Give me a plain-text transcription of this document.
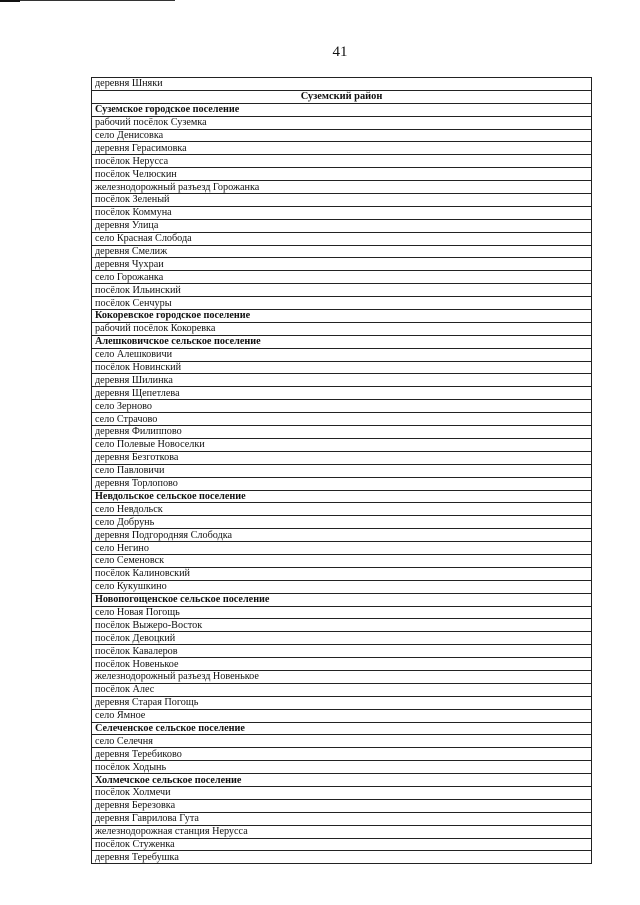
41
деревня Шняки
Суземский район
Суземское городское поселение
рабочий посёлок Суземка
село Денисовка
деревня Герасимовка
посёлок Нерусса
посёлок Челюскин
железнодорожный разъезд Горожанка
посёлок Зеленый
посёлок Коммуна
деревня Улица
село Красная Слобода
деревня Смелиж
деревня Чухраи
село Горожанка
посёлок Ильинский
посёлок Сенчуры
Кокоревское городское поселение
рабочий посёлок Кокоревка
Алешковичское сельское поселение
село Алешковичи
посёлок Новинский
деревня Шилинка
деревня Щепетлева
село Зерново
село Страчово
деревня Филиппово
село Полевые Новоселки
деревня Безготкова
село Павловичи
деревня Торлопово
Невдольское сельское поселение
село Невдольск
село Добрунь
деревня Подгородняя Слободка
село Негино
село Семеновск
посёлок Калиновский
село Кукушкино
Новопогощенское сельское поселение
село Новая Погощь
посёлок Выжеро-Восток
посёлок Девоцкий
посёлок Кавалеров
посёлок Новенькое
железнодорожный разъезд Новенькое
посёлок Алес
деревня Старая Погощь
село Ямное
Селеченское сельское поселение
село Селечня
деревня Теребиково
посёлок Ходынь
Холмечское сельское поселение
посёлок Холмечи
деревня Березовка
деревня Гаврилова Гута
железнодорожная станция Нерусса
посёлок Стуженка
деревня Теребушка
